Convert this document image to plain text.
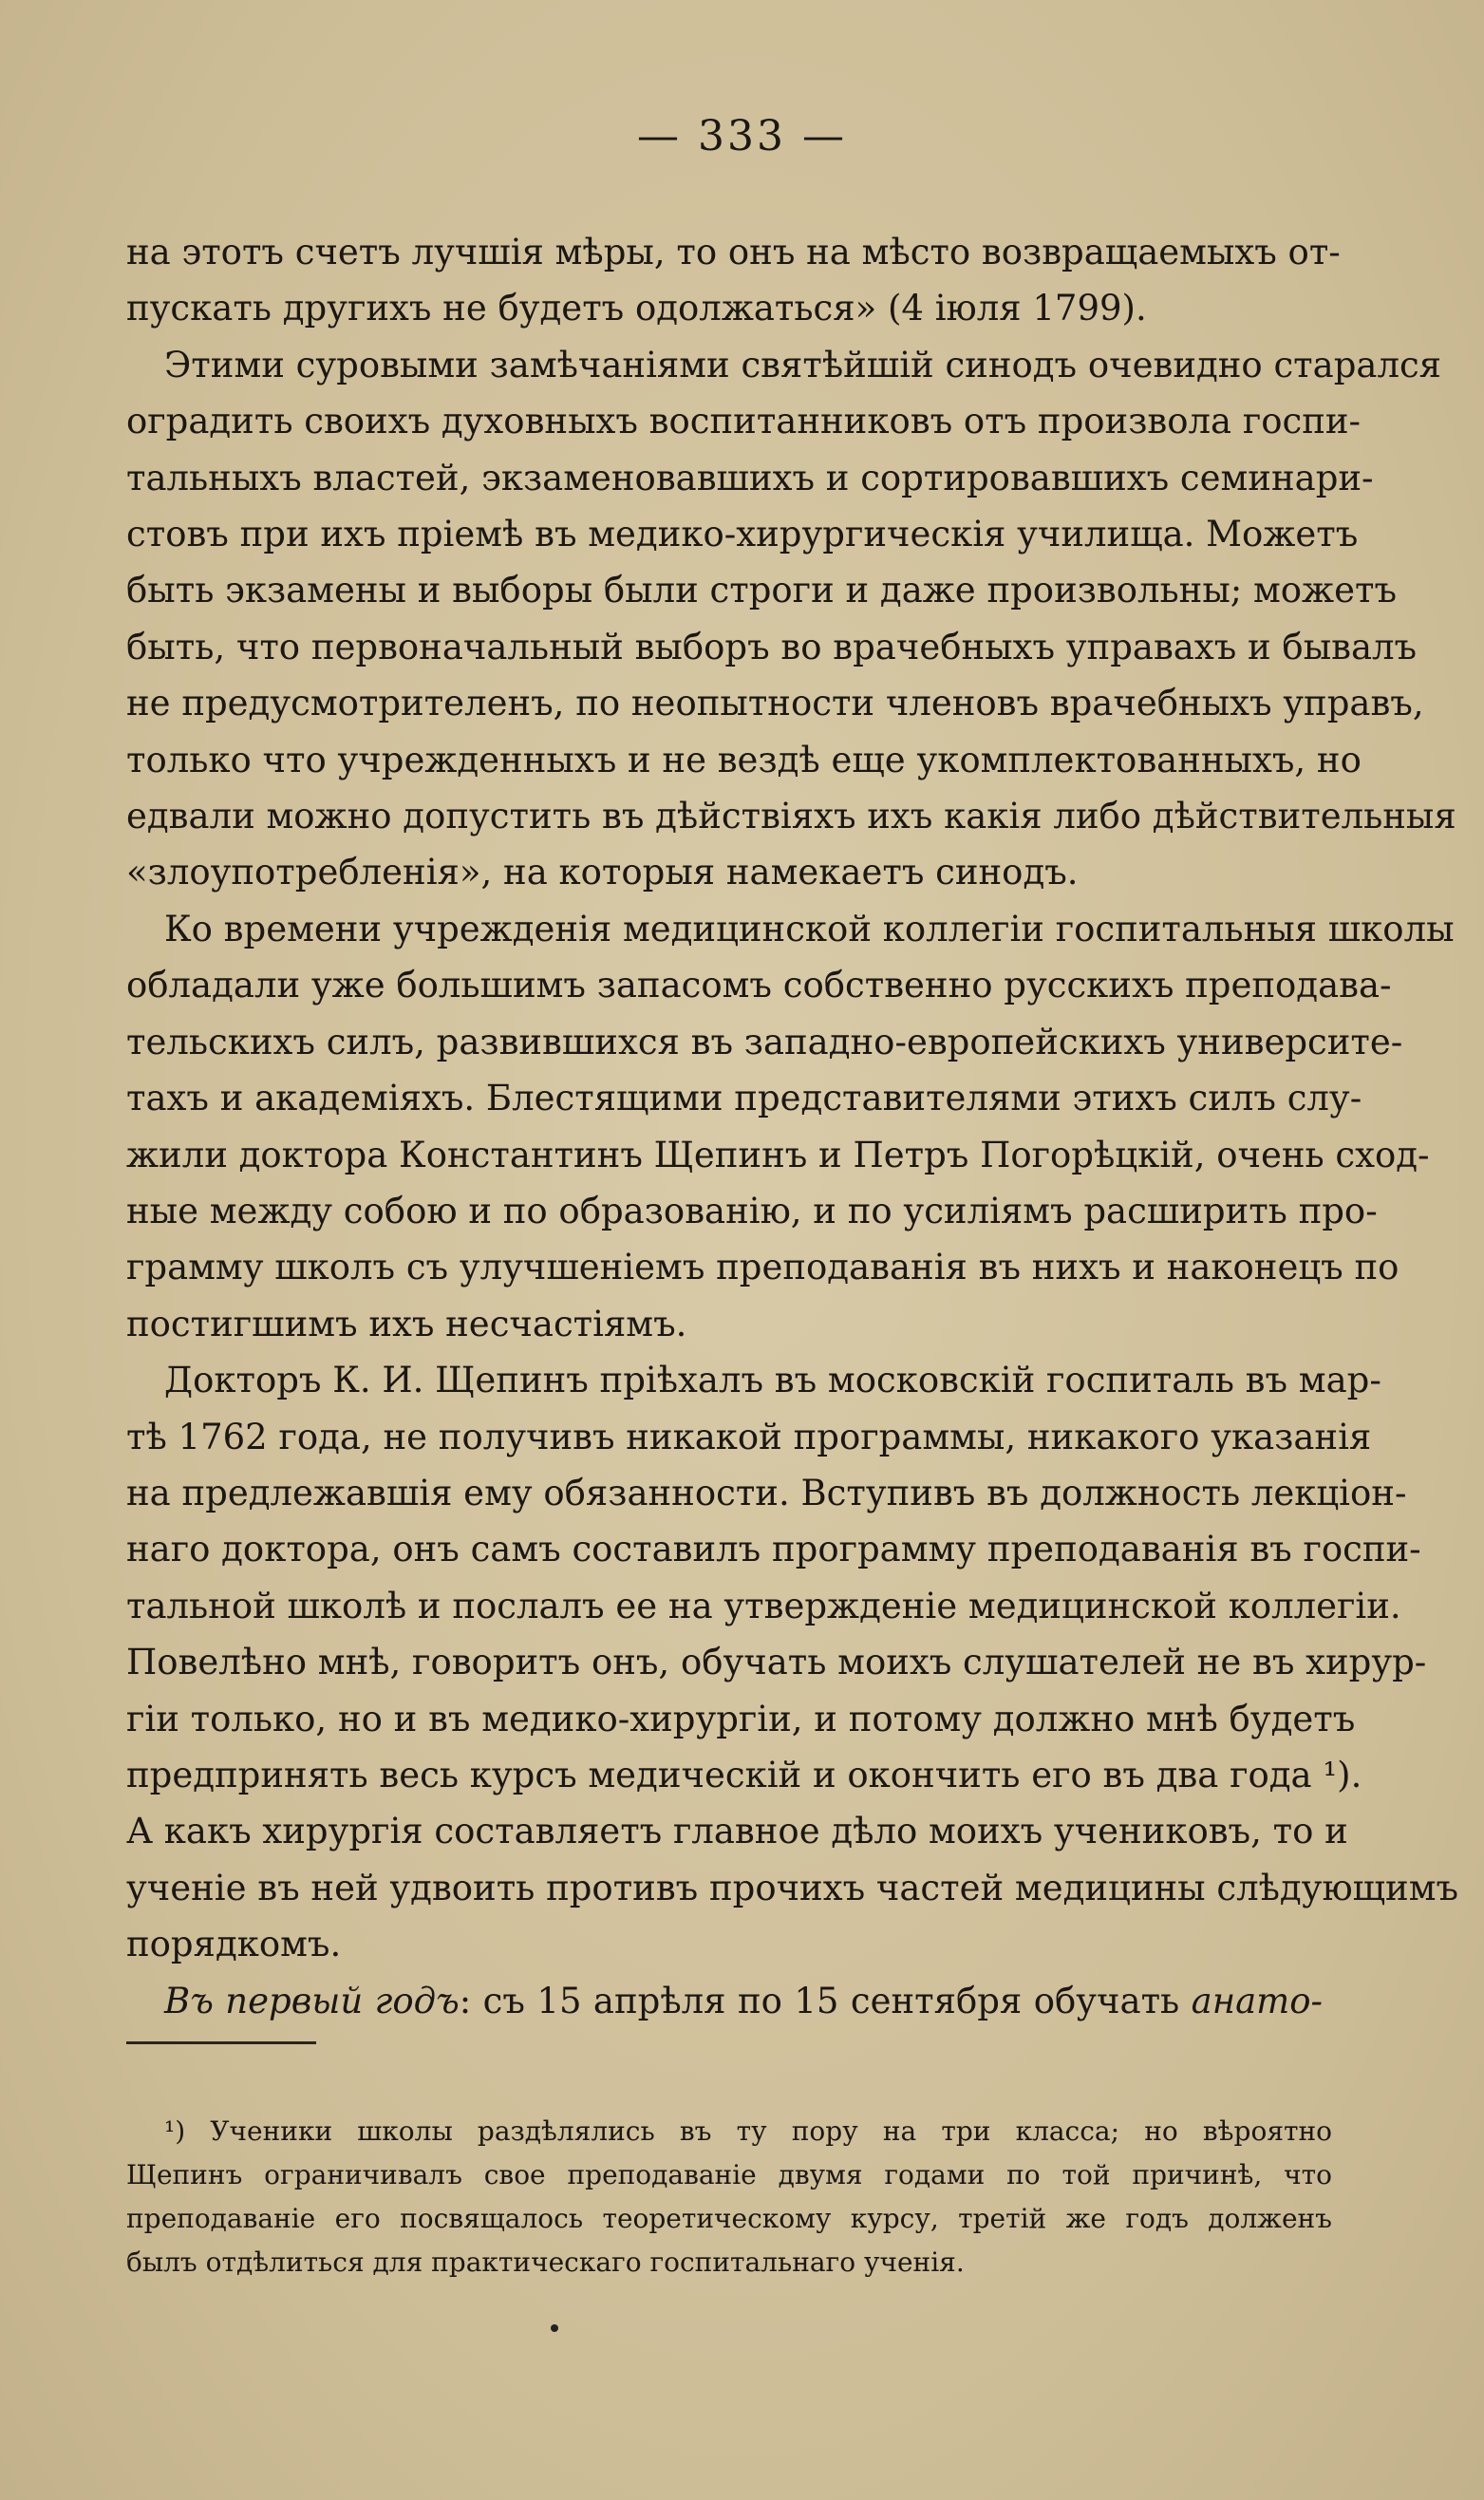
— 333 —

на этотъ счетъ лучшія мѣры, то онъ на мѣсто возвращаемыхъ от-
пускать другихъ не будетъ одолжаться» (4 іюля 1799).

Этими суровыми замѣчаніями святѣйшій синодъ очевидно старался
оградить своихъ духовныхъ воспитанниковъ отъ произвола госпи-
тальныхъ властей, экзаменовавшихъ и сортировавшихъ семинари-
стовъ при ихъ пріемѣ въ медико-хирургическія училища. Можетъ
быть экзамены и выборы были строги и даже произвольны; можетъ
быть, что первоначальный выборъ во врачебныхъ управахъ и бывалъ
не предусмотрителенъ, по неопытности членовъ врачебныхъ управъ,
только что учрежденныхъ и не вездѣ еще укомплектованныхъ, но
едвали можно допустить въ дѣйствіяхъ ихъ какія либо дѣйствительныя
«злоупотребленія», на которыя намекаетъ синодъ.

Ко времени учрежденія медицинской коллегіи госпитальныя школы
обладали уже большимъ запасомъ собственно русскихъ преподава-
тельскихъ силъ, развившихся въ западно-европейскихъ университе-
тахъ и академіяхъ. Блестящими представителями этихъ силъ слу-
жили доктора Константинъ Щепинъ и Петръ Погорѣцкій, очень сход-
ные между собою и по образованію, и по усиліямъ расширить про-
грамму школъ съ улучшеніемъ преподаванія въ нихъ и наконецъ по
постигшимъ ихъ несчастіямъ.

Докторъ К. И. Щепинъ пріѣхалъ въ московскій госпиталь въ мар-
тѣ 1762 года, не получивъ никакой программы, никакого указанія
на предлежавшія ему обязанности. Вступивъ въ должность лекціон-
наго доктора, онъ самъ составилъ программу преподаванія въ госпи-
тальной школѣ и послалъ ее на утвержденіе медицинской коллегіи.
Повелѣно мнѣ, говоритъ онъ, обучать моихъ слушателей не въ хирур-
гіи только, но и въ медико-хирургіи, и потому должно мнѣ будетъ
предпринять весь курсъ медическій и окончить его въ два года ¹).
А какъ хирургія составляетъ главное дѣло моихъ учениковъ, то и
ученіе въ ней удвоить противъ прочихъ частей медицины слѣдующимъ
порядкомъ.

Въ первый годъ: съ 15 апрѣля по 15 сентября обучать анато-

¹) Ученики школы раздѣлялись въ ту пору на три класса; но вѣроятно
Щепинъ ограничивалъ свое преподаваніе двумя годами по той причинѣ, что
преподаваніе его посвящалось теоретическому курсу, третій же годъ долженъ
былъ отдѣлиться для практическаго госпитальнаго ученія.
